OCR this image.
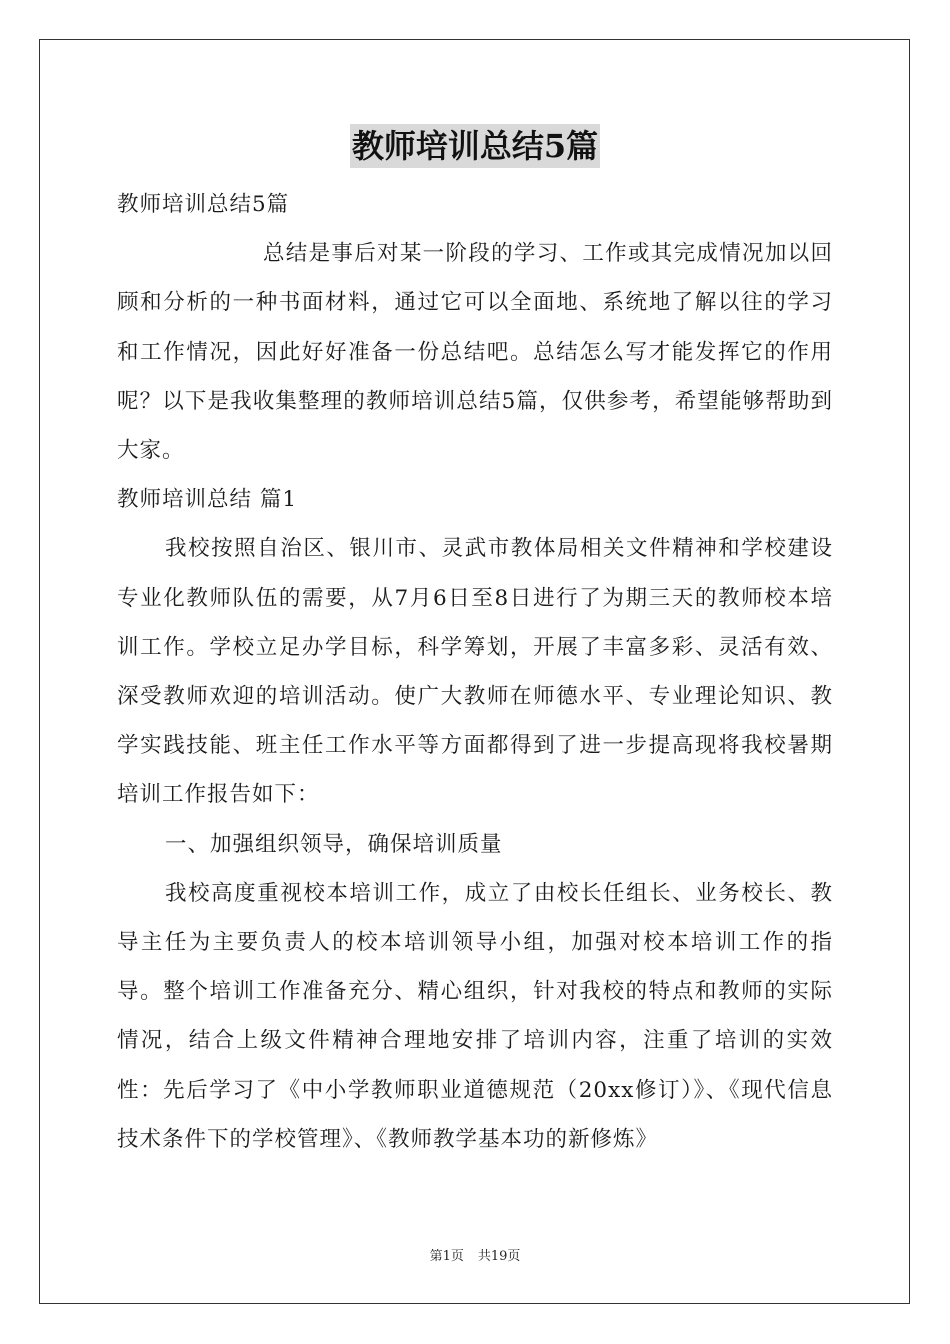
教师培训总结5篇

教师培训总结5篇

总结是事后对某一阶段的学习、工作或其完成情况加以回顾和分析的一种书面材料，通过它可以全面地、系统地了解以往的学习和工作情况，因此好好准备一份总结吧。总结怎么写才能发挥它的作用呢？以下是我收集整理的教师培训总结5篇，仅供参考，希望能够帮助到大家。

教师培训总结 篇1

我校按照自治区、银川市、灵武市教体局相关文件精神和学校建设专业化教师队伍的需要，从7月6日至8日进行了为期三天的教师校本培训工作。学校立足办学目标，科学筹划，开展了丰富多彩、灵活有效、深受教师欢迎的培训活动。使广大教师在师德水平、专业理论知识、教学实践技能、班主任工作水平等方面都得到了进一步提高现将我校暑期培训工作报告如下：

一、加强组织领导，确保培训质量

我校高度重视校本培训工作，成立了由校长任组长、业务校长、教导主任为主要负责人的校本培训领导小组，加强对校本培训工作的指导。整个培训工作准备充分、精心组织，针对我校的特点和教师的实际情况，结合上级文件精神合理地安排了培训内容，注重了培训的实效性：先后学习了《中小学教师职业道德规范（20xx修订）》、《现代信息技术条件下的学校管理》、《教师教学基本功的新修炼》

第1页 共19页
